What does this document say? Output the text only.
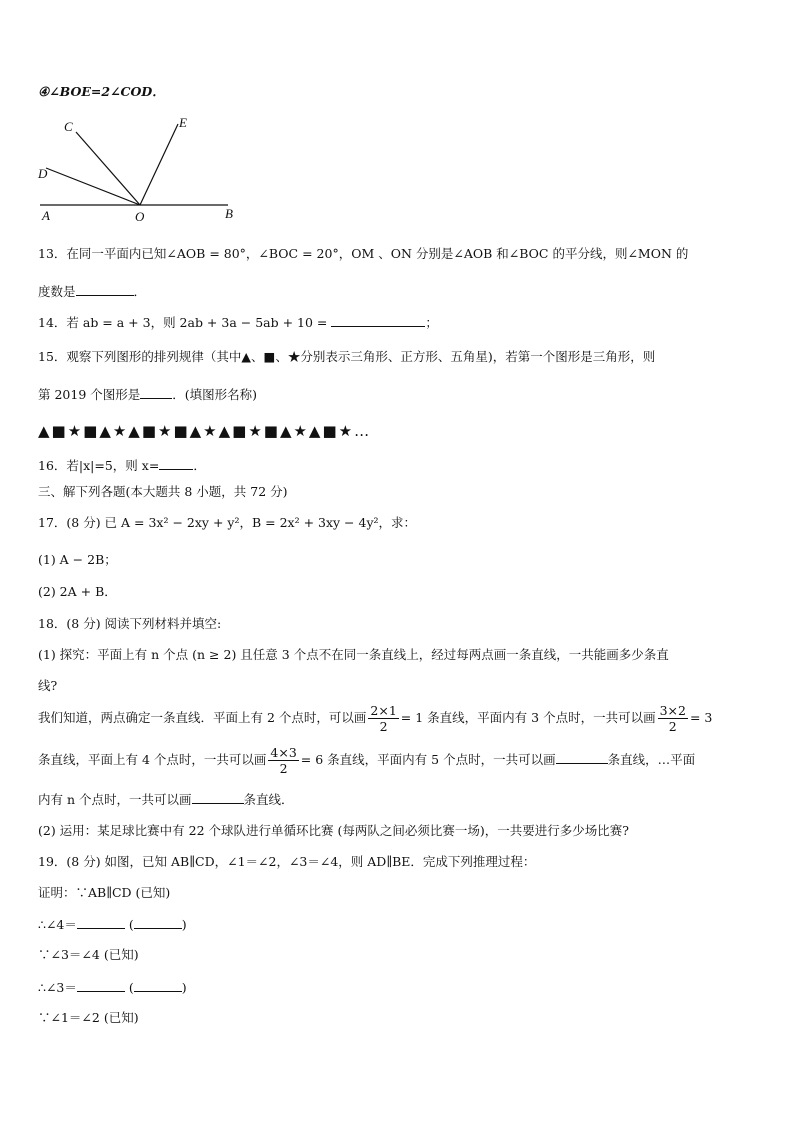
④∠BOE=2∠COD．
C	E
D
A	O	B
13．在同一平面内已知∠AOB = 80°，∠BOC = 20°，OM 、ON 分别是∠AOB 和∠BOC 的平分线，则∠MON 的
度数是	．
14．若 ab = a + 3，则 2ab + 3a − 5ab + 10 =	；
15．观察下列图形的排列规律（其中▲、■、★分别表示三角形、正方形、五角星)，若第一个图形是三角形，则
第 2019 个图形是	．(填图形名称)
▲■★■▲★▲■★■▲★▲■★■▲★▲■★…
16．若|x|=5，则 x=	．
三、解下列各题(本大题共 8 小题，共 72 分)
17．(8 分) 已 A = 3x² − 2xy + y²，B = 2x² + 3xy − 4y²，求：
(1) A − 2B；
(2) 2A + B．
18．(8 分) 阅读下列材料并填空:
(1) 探究：平面上有 n 个点 (n ≥ 2) 且任意 3 个点不在同一条直线上，经过每两点画一条直线，一共能画多少条直
线?
我们知道，两点确定一条直线．平面上有 2 个点时，可以画 $\frac{2\times 1}{2} = 1$ 条直线，平面内有 3 个点时，一共可以画 $\frac{3\times 2}{2} = 3$
条直线，平面上有 4 个点时，一共可以画 $\frac{4\times 3}{2} = 6$ 条直线，平面内有 5 个点时，一共可以画	条直线，…平面
内有 n 个点时，一共可以画	条直线．
(2) 运用：某足球比赛中有 22 个球队进行单循环比赛 (每两队之间必须比赛一场)，一共要进行多少场比赛?
19．(8 分) 如图，已知 AB∥CD，∠1＝∠2，∠3＝∠4，则 AD∥BE．完成下列推理过程：
证明：∵AB∥CD (已知)
∴∠4＝	(	)
∵∠3＝∠4 (已知)
∴∠3＝	(	)
∵∠1＝∠2 (已知)
